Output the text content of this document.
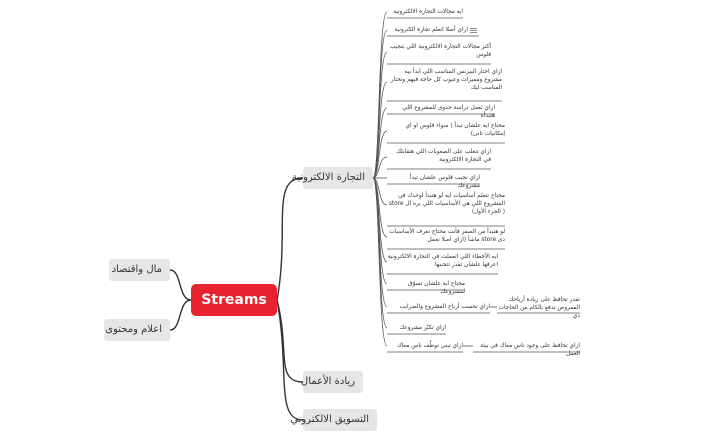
Streams
مال واقتصاد
اعلام ومحتوى
التجارة الالكترونية
ريادة الأعمال
التسويق الالكتروني
ايه مجالات التجارة الالكترونية
ازاي أصلا اتعلم تجارة الكترونية
أكتر مجالات التجارة الالكترونية اللي بتجيب فلوس
ازاي اختار البيزنس المناسب اللي ابدأ بيه مشروع وممیزات وعيوب كل حاجة فيهم وتختار المناسب ليك
ازاي تعمل دراسة جدوى للمشروع اللي هتبدأه
محتاج ايه علشان تبدأ ( سواء فلوس او اي إمكانيات تانى)
ازاي تتغلب على الصعوبات اللي هتقابلك في التجارة الالكترونية
ازاي تجيب فلوس علشان تبدأ مشروعك
محتاج تتعلم أساسيات ايه لو هتبدأ لوحدك في المشروع اللي هي الأساسيات اللي بره ال store ( الجزء الأول)
لو هتبدأ من الصفر فأنت محتاج تعرف الأساسيات دى store ماشأ (ازاي اصلا تعمل
ايه الأخطاء اللي اتعملت في التجارة الالكترونية اعرفها علشان تقدر تتجنبها
محتاج ايه علشان تسوّق لمشروعك
ازاي تحسب أرباح المشروع والضرايب
ازاي تكبّر مشروعك
ازاي تبني توظّف ناس معاك
تقدر تحافظ على زيادة أرباحك المفروض تدفع بالكام من الحاجات دي
ازاي تحافظ على وجود ناس معاك في بيئة العمل
